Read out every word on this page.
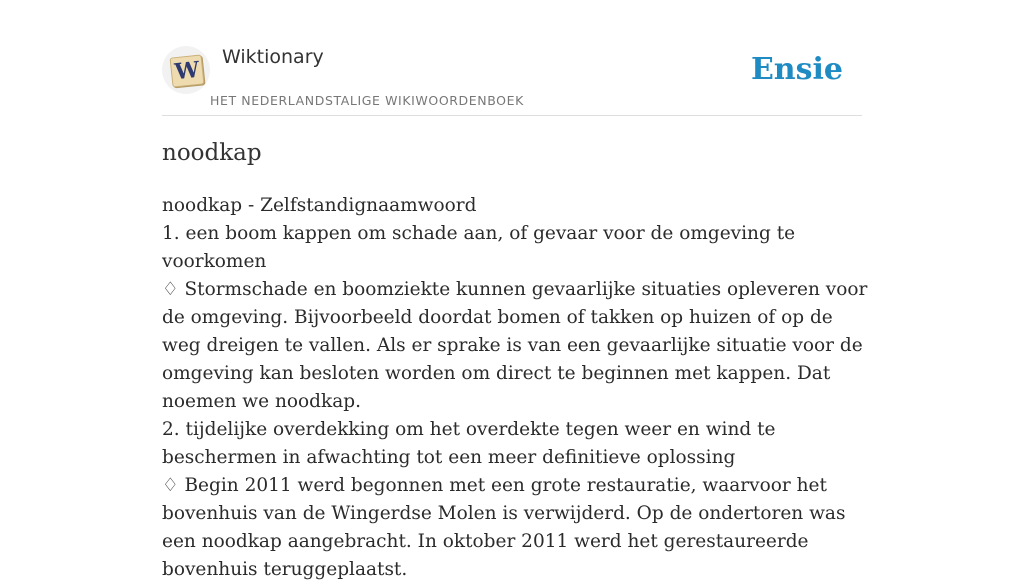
W Wiktionary
HET NEDERLANDSTALIGE WIKIWOORDENBOEK
Ensie
noodkap

noodkap - Zelfstandignaamwoord

1. een boom kappen om schade aan, of gevaar voor de omgeving te voorkomen

♢ Stormschade en boomziekte kunnen gevaarlijke situaties opleveren voor de omgeving. Bijvoorbeeld doordat bomen of takken op huizen of op de weg dreigen te vallen. Als er sprake is van een gevaarlijke situatie voor de omgeving kan besloten worden om direct te beginnen met kappen. Dat noemen we noodkap.

2. tijdelijke overdekking om het overdekte tegen weer en wind te beschermen in afwachting tot een meer definitieve oplossing

♢ Begin 2011 werd begonnen met een grote restauratie, waarvoor het bovenhuis van de Wingerdse Molen is verwijderd. Op de ondertoren was een noodkap aangebracht. In oktober 2011 werd het gerestaureerde bovenhuis teruggeplaatst.
